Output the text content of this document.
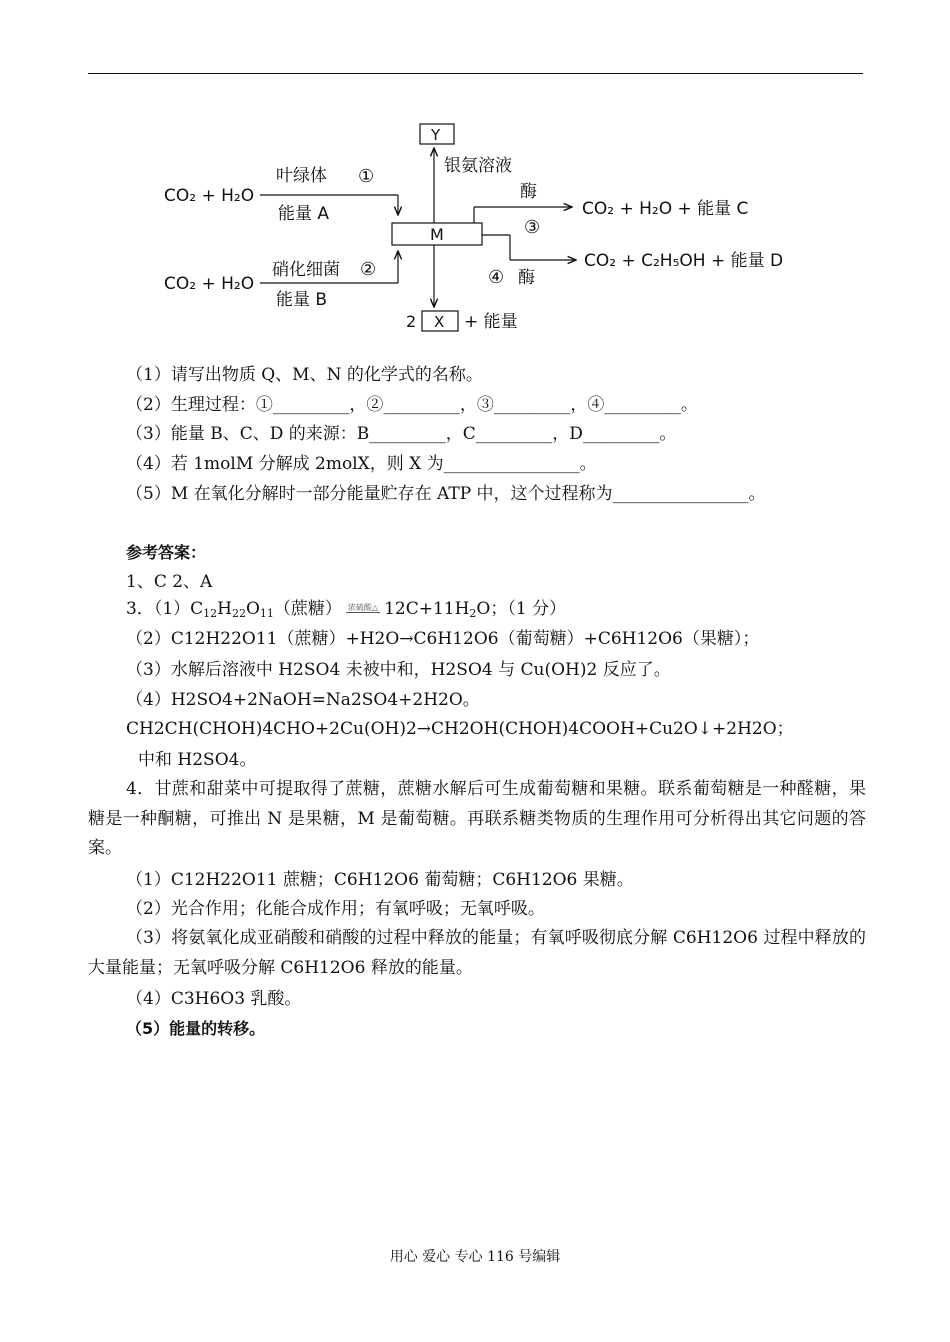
CO₂ + H₂O
叶绿体 ①
能量 A
CO₂ + H₂O
硝化细菌 ②
能量 B
M
Y
银氨溶液
2 X + 能量
酶
③
CO₂ + H₂O + 能量 C
④ 酶
CO₂ + C₂H₅OH + 能量 D
（1）请写出物质 Q、M、N 的化学式的名称。
（2）生理过程：①_________，②_________，③_________，④_________。
（3）能量 B、C、D 的来源：B_________，C_________，D_________。
（4）若 1molM 分解成 2molX，则 X 为________________。
（5）M 在氧化分解时一部分能量贮存在 ATP 中，这个过程称为________________。
参考答案：
1、C 2、A
3．$(1)C_{12}H_{22}O_{11}$（蔗糖） 浓硫酸△ $12C+11H_2O$；（1 分）
（2）C12H22O11（蔗糖）+H2O→C6H12O6（葡萄糖）+C6H12O6（果糖）；
（3）水解后溶液中 H2SO4 未被中和，H2SO4 与 Cu(OH)2 反应了。
（4）H2SO4+2NaOH=Na2SO4+2H2O。
CH2CH(CHOH)4CHO+2Cu(OH)2→CH2OH(CHOH)4COOH+Cu2O↓+2H2O；
中和 H2SO4。
4．甘蔗和甜菜中可提取得了蔗糖，蔗糖水解后可生成葡萄糖和果糖。联系葡萄糖是一种醛糖，果糖是一种酮糖，可推出 N 是果糖，M 是葡萄糖。再联系糖类物质的生理作用可分析得出其它问题的答案。
（1）C12H22O11 蔗糖；C6H12O6 葡萄糖；C6H12O6 果糖。
（2）光合作用；化能合成作用；有氧呼吸；无氧呼吸。
（3）将氨氧化成亚硝酸和硝酸的过程中释放的能量；有氧呼吸彻底分解 C6H12O6 过程中释放的大量能量；无氧呼吸分解 C6H12O6 释放的能量。
（4）C3H6O3 乳酸。
（5）能量的转移。
用心 爱心 专心 116 号编辑
